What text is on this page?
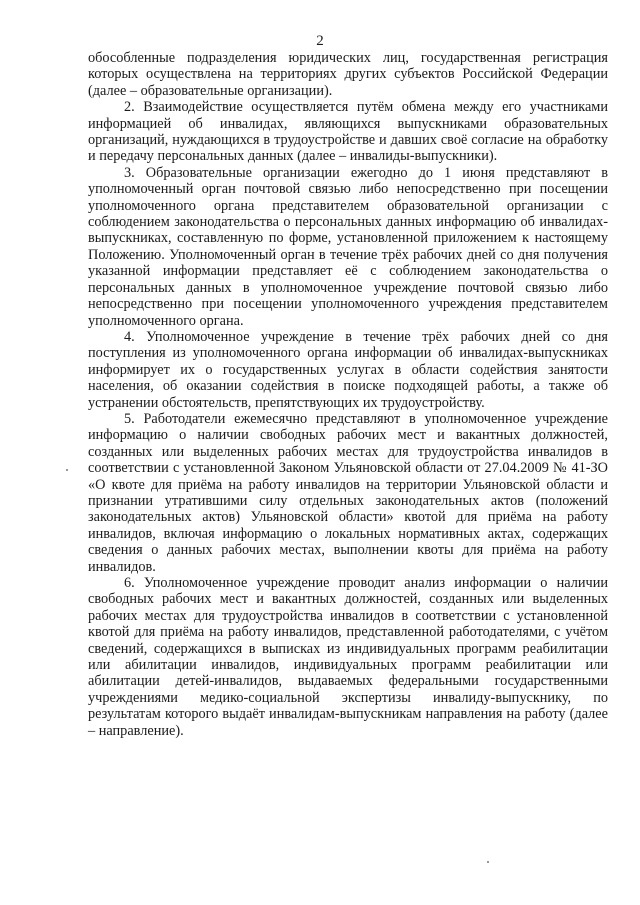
2

обособленные подразделения юридических лиц, государственная регистрация которых осуществлена на территориях других субъектов Российской Федерации (далее – образовательные организации).

2. Взаимодействие осуществляется путём обмена между его участниками информацией об инвалидах, являющихся выпускниками образовательных организаций, нуждающихся в трудоустройстве и давших своё согласие на обработку и передачу персональных данных (далее – инвалиды-выпускники).

3. Образовательные организации ежегодно до 1 июня представляют в уполномоченный орган почтовой связью либо непосредственно при посещении уполномоченного органа представителем образовательной организации с соблюдением законодательства о персональных данных информацию об инвалидах-выпускниках, составленную по форме, установленной приложением к настоящему Положению. Уполномоченный орган в течение трёх рабочих дней со дня получения указанной информации представляет её с соблюдением законодательства о персональных данных в уполномоченное учреждение почтовой связью либо непосредственно при посещении уполномоченного учреждения представителем уполномоченного органа.

4. Уполномоченное учреждение в течение трёх рабочих дней со дня поступления из уполномоченного органа информации об инвалидах-выпускниках информирует их о государственных услугах в области содействия занятости населения, об оказании содействия в поиске подходящей работы, а также об устранении обстоятельств, препятствующих их трудоустройству.

5. Работодатели ежемесячно представляют в уполномоченное учреждение информацию о наличии свободных рабочих мест и вакантных должностей, созданных или выделенных рабочих местах для трудоустройства инвалидов в соответствии с установленной Законом Ульяновской области от 27.04.2009 № 41-ЗО «О квоте для приёма на работу инвалидов на территории Ульяновской области и признании утратившими силу отдельных законодательных актов (положений законодательных актов) Ульяновской области» квотой для приёма на работу инвалидов, включая информацию о локальных нормативных актах, содержащих сведения о данных рабочих местах, выполнении квоты для приёма на работу инвалидов.

6. Уполномоченное учреждение проводит анализ информации о наличии свободных рабочих мест и вакантных должностей, созданных или выделенных рабочих местах для трудоустройства инвалидов в соответствии с установленной квотой для приёма на работу инвалидов, представленной работодателями, с учётом сведений, содержащихся в выписках из индивидуальных программ реабилитации или абилитации инвалидов, индивидуальных программ реабилитации или абилитации детей-инвалидов, выдаваемых федеральными государственными учреждениями медико-социальной экспертизы инвалиду-выпускнику, по результатам которого выдаёт инвалидам-выпускникам направления на работу (далее – направление).
